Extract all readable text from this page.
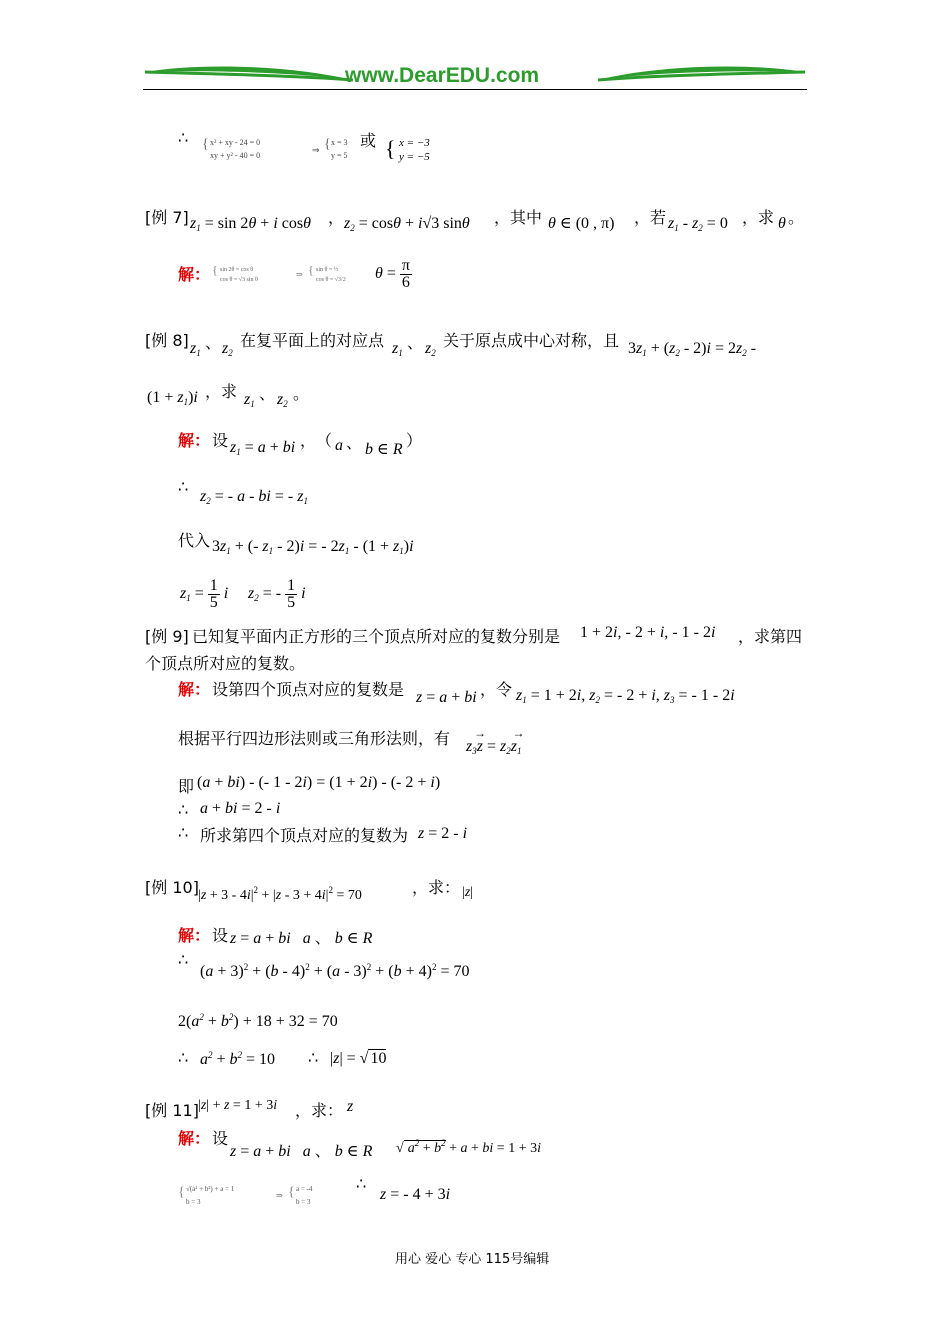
www.DearEDU.com
∴ { x² + xy - 24 = 0
xy + y² - 40 = 0
⇒ { x = 3
y = 5
或 { x = −3
y = −5
[例 7] $z_1 = \sin 2\theta + i$ cosθ ， $z_2 = \cos\theta + i√3$ sinθ ，其中 θ ∈ (0 , π) ，若 $z_1 - z_2 = 0$ ，求 θ 。
解： { sin 2θ = cos θ
cos θ = √3 sin θ
⇒ { sin θ = ½
cos θ = √3/2 $\theta = \frac{\pi}{6}$
[例 8] $z_1$
、 $z_2$
在复平面上的对应点 $z_1$
、 $z_2$
关于原点成中心对称，且 $3z_1 + (z_2 - 2)i = 2z_2$ -
$(1 + z_1)i$ ，求 $z_1$
、 $z_2$
。
解： 设 $z_1 = a$ + bi ， （ a 、 b ∈ R ）
∴
$z_2$ = - a - bi = - $z_1$
代入 $3z_1$ + (- $z_1 - 2)i$ = - $2z_1 - (1 + z_1)i$
$z_1 = \frac{1}{5}$ i $z_2$ = - $\frac{1}{5}$ i
[例 9] 已知复平面内正方形的三个顶点所对应的复数分别是 1 + 2i, - 2 + i, - 1 - 2i ，求第四
个顶点所对应的复数。
解： 设第四个顶点对应的复数是 z = a + bi ，令 $z_1 = 1 + 2i$, $z_2$ = - 2 + i, $z_3$ = - 1 - 2i
根据平行四边形法则或三角形法则，有 → $z_3z$ = → $z_2z_1$
即 (a + bi) - (- 1 - 2i) = (1 + 2i) - (- 2 + i)
∴ a + bi = 2 - i
∴ 所求第四个顶点对应的复数为 z = 2 - i
[例 10] $|z + 3 - 4i|^2 + |z - 3 + 4i|^2 = 70$	，求： |z|
解： 设 z = a + bi   a 、 b ∈ R
∴
$(a + 3)^2 + (b - 4)^2 + (a - 3)^2 + (b + 4)^2 = 70$
$2(a^2 + b^2) + 18 + 32 = 70$
∴ $a^2 + b^2 = 10$ ∴ |z| = √ 10
[例 11] |z| + z = 1 + 3i ，求： z
解： 设
z = a + bi   a 、 b ∈ R √ $a^2 + b^2 + a$ + bi = 1 + 3i
{ √(a² + b²) + a = 1
b = 3
⇒ { a = -4
b = 3
∴
z = - 4 + 3i
用心 爱心 专心 115号编辑
